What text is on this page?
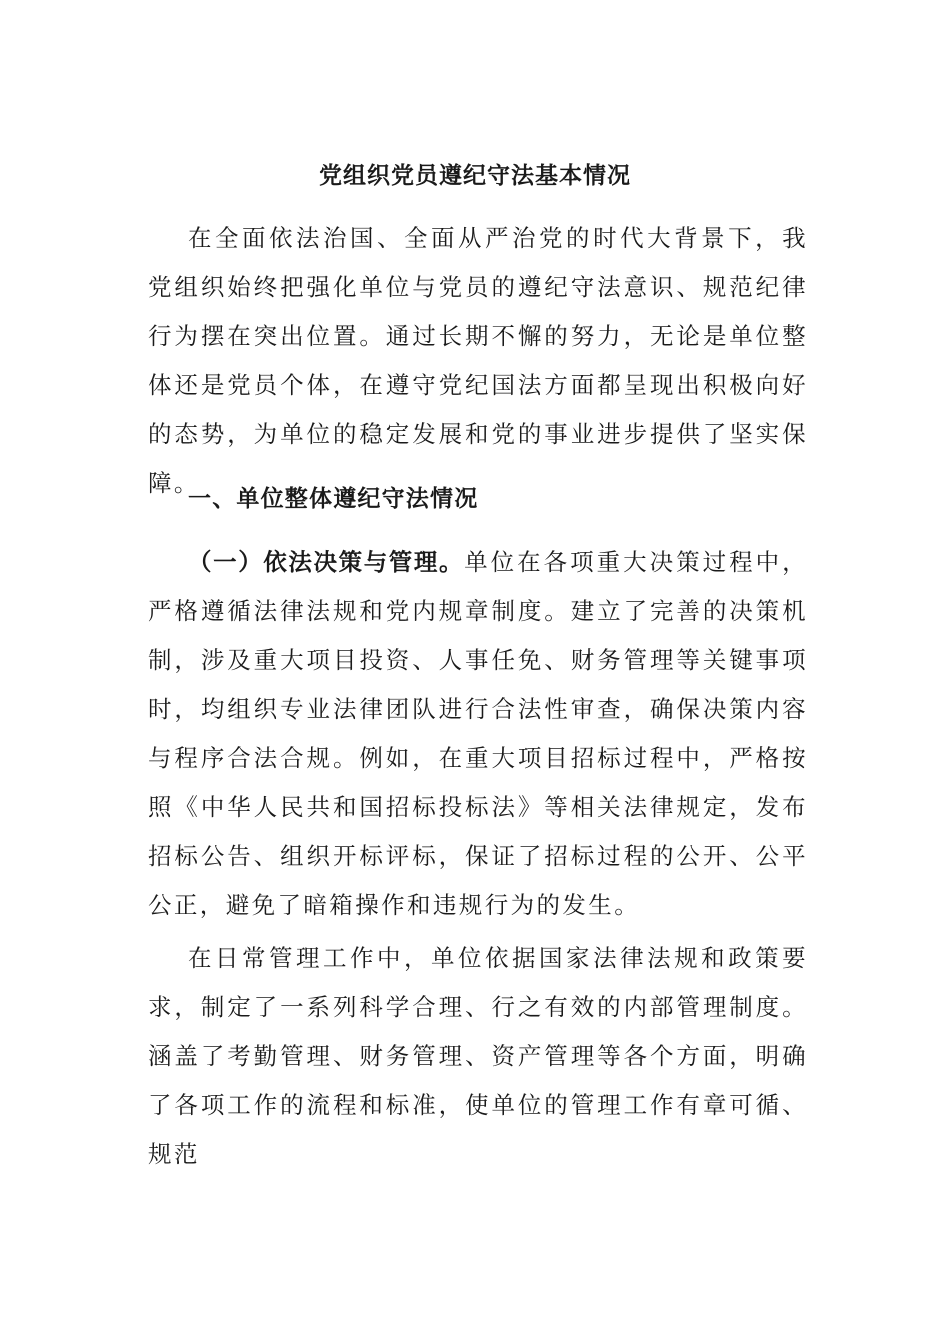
党组织党员遵纪守法基本情况

在全面依法治国、全面从严治党的时代大背景下，我党组织始终把强化单位与党员的遵纪守法意识、规范纪律行为摆在突出位置。通过长期不懈的努力，无论是单位整体还是党员个体，在遵守党纪国法方面都呈现出积极向好的态势，为单位的稳定发展和党的事业进步提供了坚实保障。

一、单位整体遵纪守法情况

（一）依法决策与管理。单位在各项重大决策过程中，严格遵循法律法规和党内规章制度。建立了完善的决策机制，涉及重大项目投资、人事任免、财务管理等关键事项时，均组织专业法律团队进行合法性审查，确保决策内容与程序合法合规。例如，在重大项目招标过程中，严格按照《中华人民共和国招标投标法》等相关法律规定，发布招标公告、组织开标评标，保证了招标过程的公开、公平公正，避免了暗箱操作和违规行为的发生。

在日常管理工作中，单位依据国家法律法规和政策要求，制定了一系列科学合理、行之有效的内部管理制度。涵盖了考勤管理、财务管理、资产管理等各个方面，明确了各项工作的流程和标准，使单位的管理工作有章可循、规范
